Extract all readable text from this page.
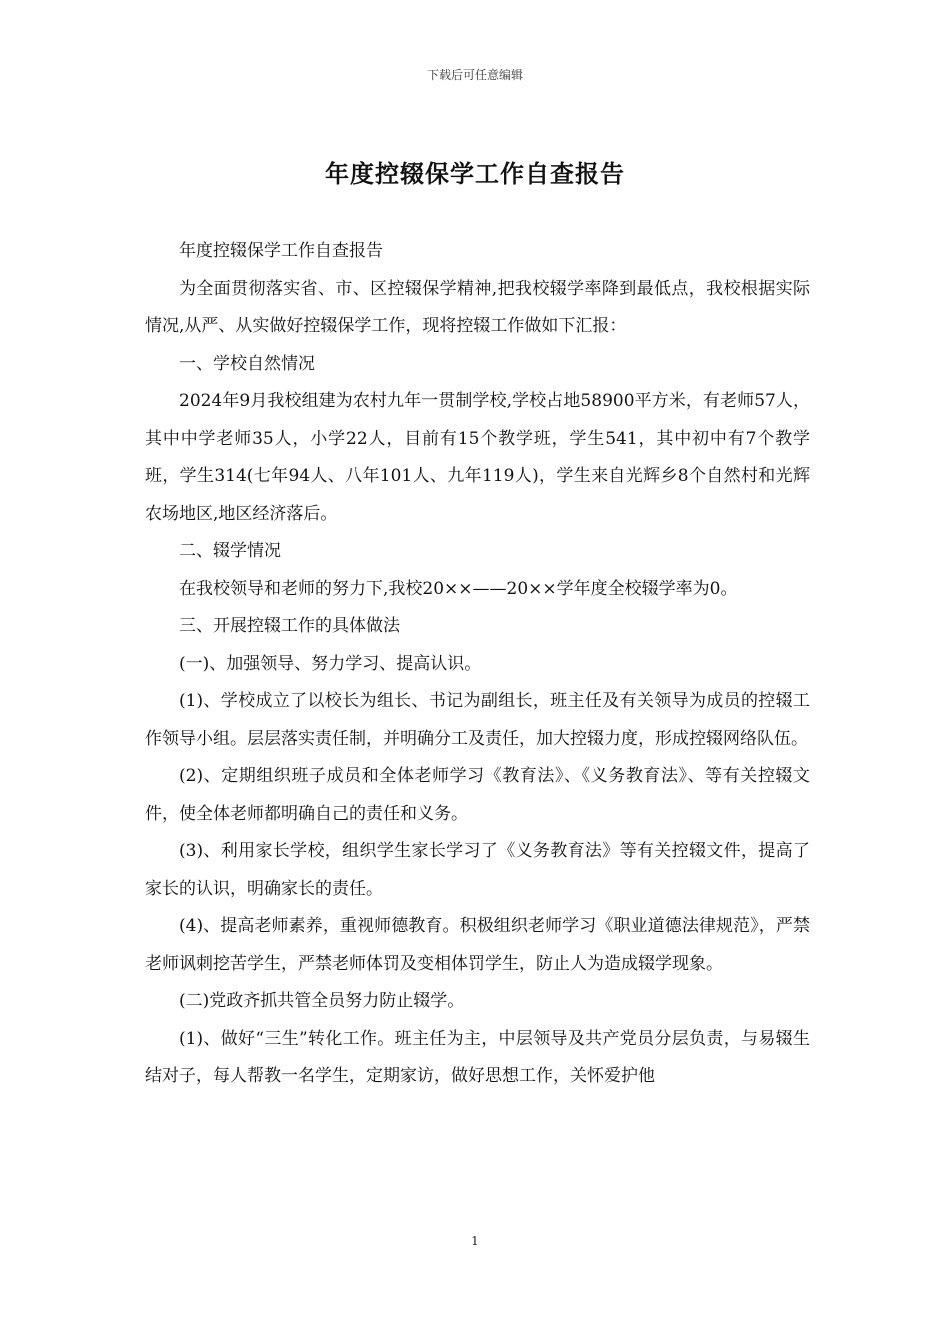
下载后可任意编辑
年度控辍保学工作自查报告

年度控辍保学工作自查报告

为全面贯彻落实省、市、区控辍保学精神,把我校辍学率降到最低点，我校根据实际情况,从严、从实做好控辍保学工作，现将控辍工作做如下汇报：

一、学校自然情况

2024年9月我校组建为农村九年一贯制学校,学校占地58900平方米，有老师57人，其中中学老师35人，小学22人，目前有15个教学班，学生541，其中初中有7个教学班，学生314(七年94人、八年101人、九年119人)，学生来自光辉乡8个自然村和光辉农场地区,地区经济落后。

二、辍学情况

在我校领导和老师的努力下,我校20××——20××学年度全校辍学率为0。

三、开展控辍工作的具体做法

(一)、加强领导、努力学习、提高认识。

(1)、学校成立了以校长为组长、书记为副组长，班主任及有关领导为成员的控辍工作领导小组。层层落实责任制，并明确分工及责任，加大控辍力度，形成控辍网络队伍。

(2)、定期组织班子成员和全体老师学习《教育法》、《义务教育法》、等有关控辍文件，使全体老师都明确自己的责任和义务。

(3)、利用家长学校，组织学生家长学习了《义务教育法》等有关控辍文件，提高了家长的认识，明确家长的责任。

(4)、提高老师素养，重视师德教育。积极组织老师学习《职业道德法律规范》，严禁老师讽刺挖苦学生，严禁老师体罚及变相体罚学生，防止人为造成辍学现象。

(二)党政齐抓共管全员努力防止辍学。

(1)、做好“三生”转化工作。班主任为主，中层领导及共产党员分层负责，与易辍生结对子，每人帮教一名学生，定期家访，做好思想工作，关怀爱护他

1
